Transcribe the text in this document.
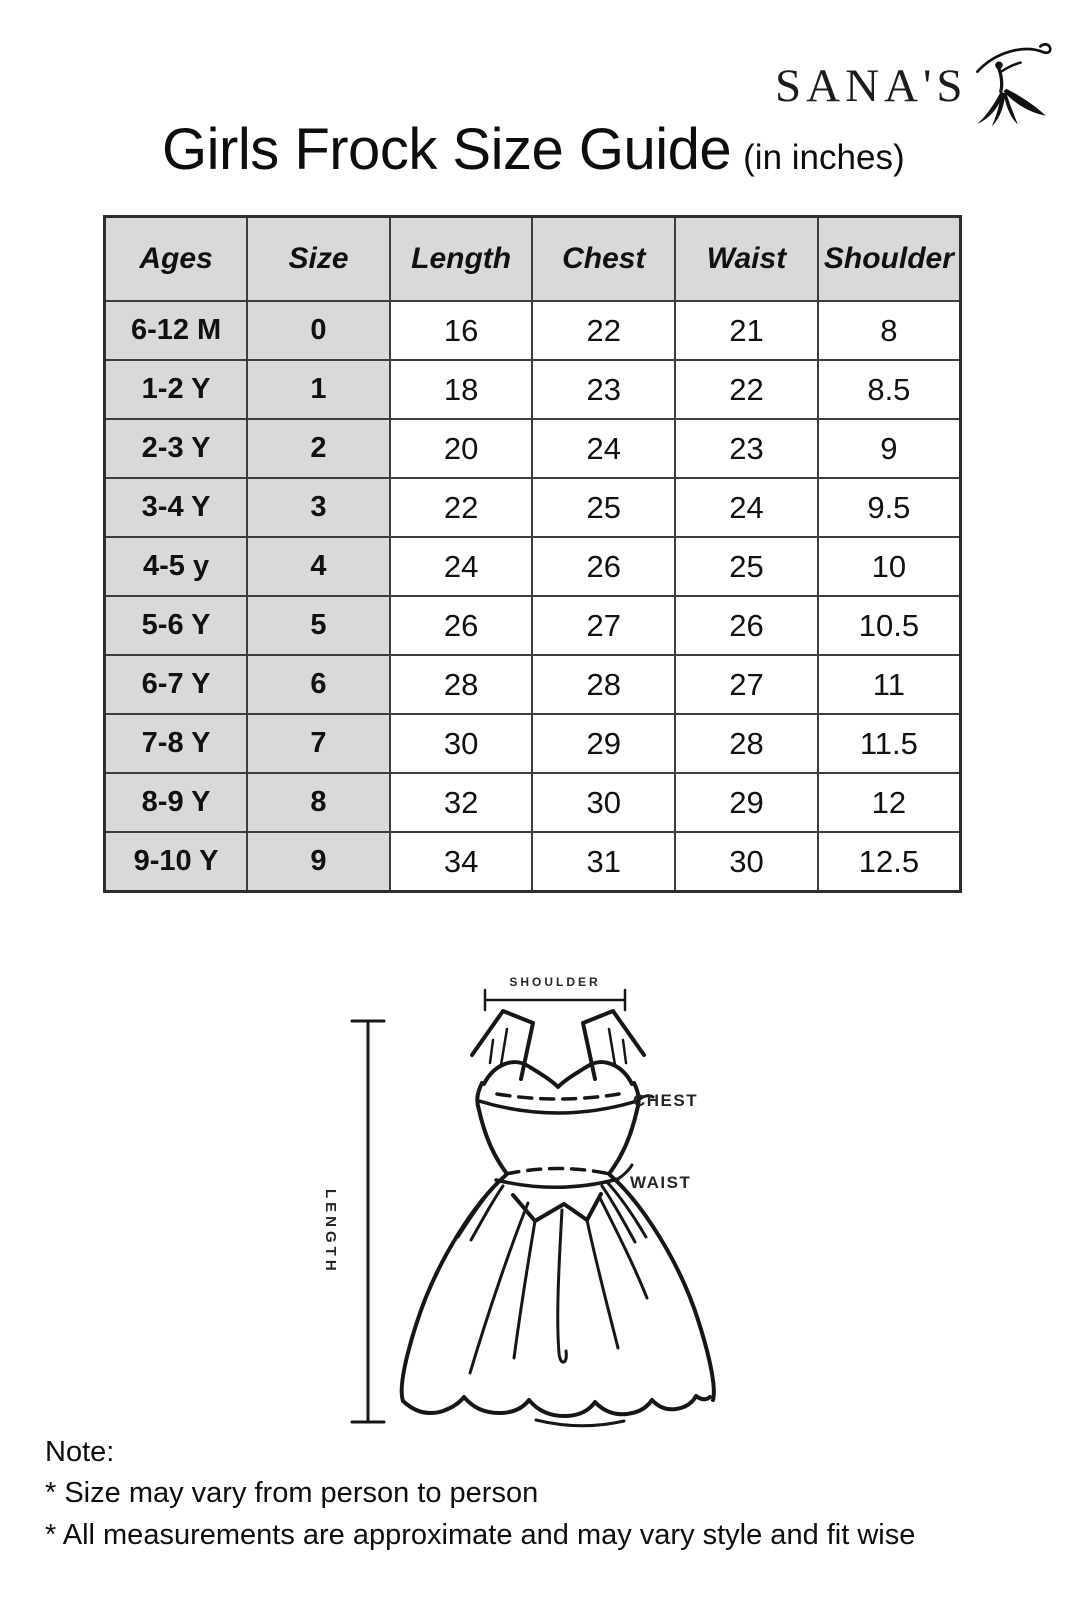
SANA'S
Girls Frock Size Guide (in inches)
Ages	Size	Length	Chest	Waist	Shoulder
6-12 M	0	16	22	21	8
1-2 Y	1	18	23	22	8.5
2-3 Y	2	20	24	23	9
3-4 Y	3	22	25	24	9.5
4-5 y	4	24	26	25	10
5-6 Y	5	26	27	26	10.5
6-7 Y	6	28	28	27	11
7-8 Y	7	30	29	28	11.5
8-9 Y	8	32	30	29	12
9-10 Y	9	34	31	30	12.5
SHOULDER
CHEST
WAIST
LENGTH

Note:

* Size may vary from person to person

* All measurements are approximate and may vary style and fit wise
